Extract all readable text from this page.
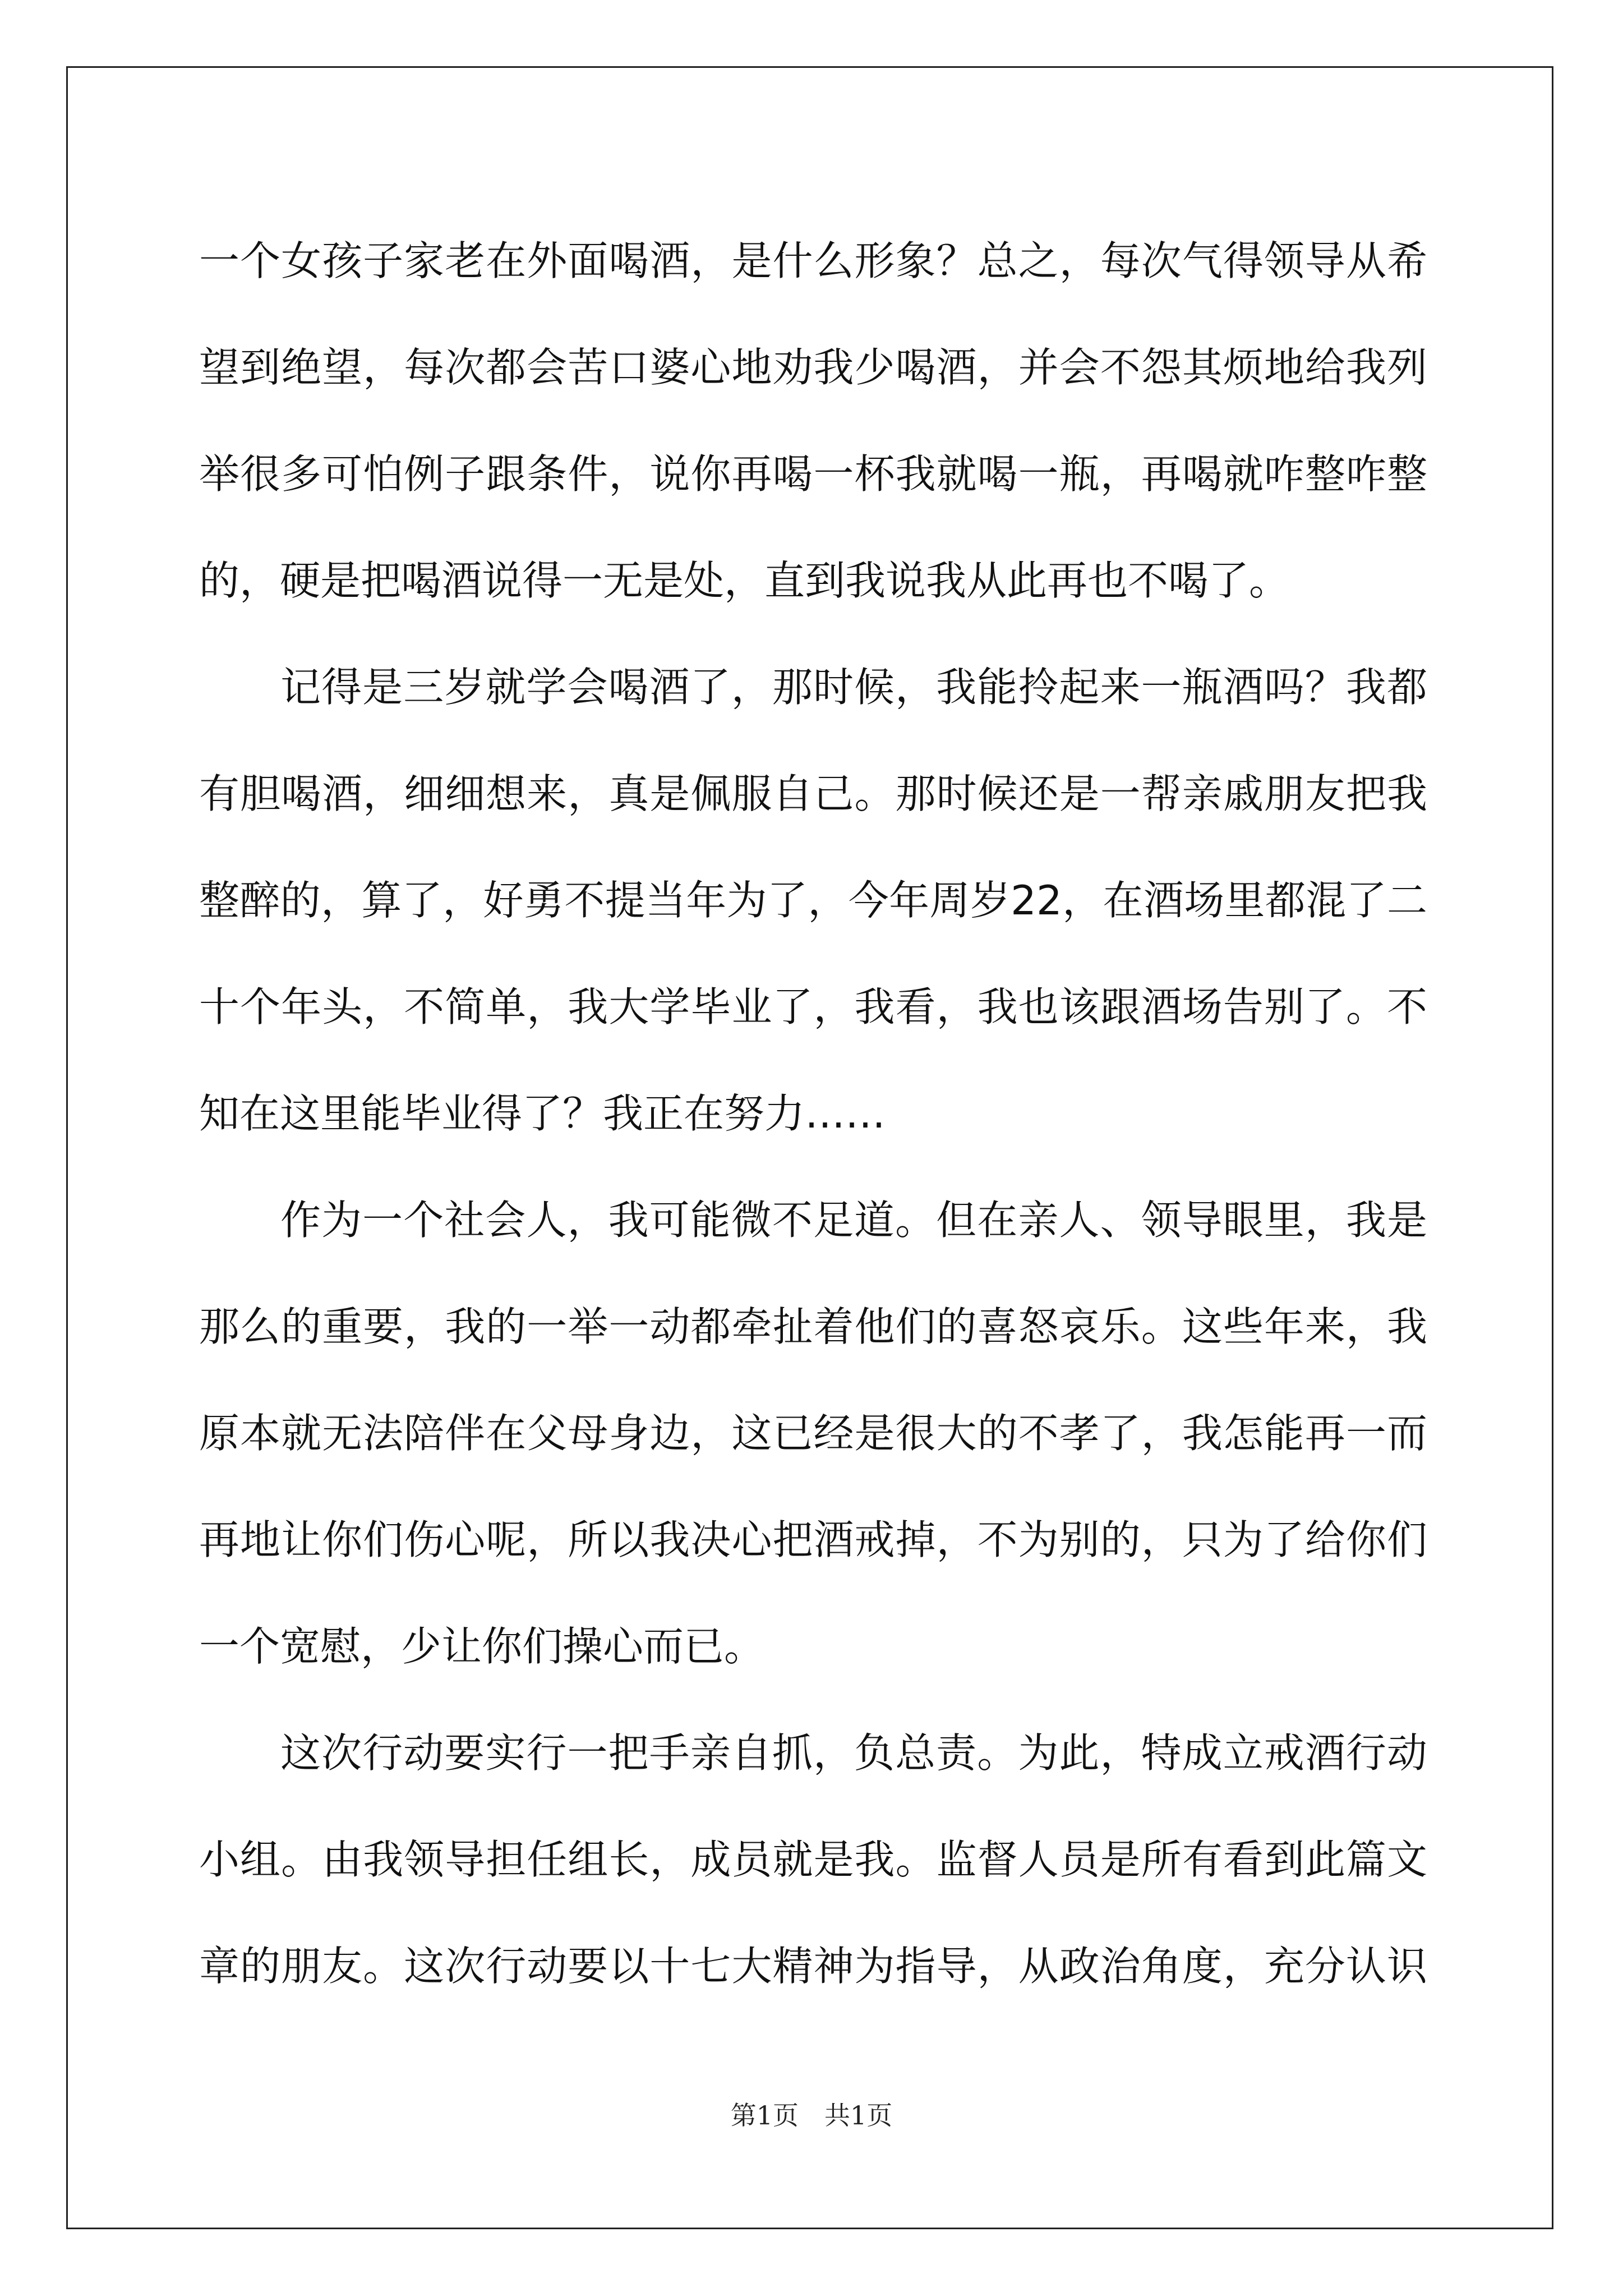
一个女孩子家老在外面喝酒，是什么形象？总之，每次气得领导从希
望到绝望，每次都会苦口婆心地劝我少喝酒，并会不怨其烦地给我列
举很多可怕例子跟条件，说你再喝一杯我就喝一瓶，再喝就咋整咋整
的，硬是把喝酒说得一无是处，直到我说我从此再也不喝了。
记得是三岁就学会喝酒了，那时候，我能拎起来一瓶酒吗？我都
有胆喝酒，细细想来，真是佩服自己。那时候还是一帮亲戚朋友把我
整醉的，算了，好勇不提当年为了，今年周岁22，在酒场里都混了二
十个年头，不简单，我大学毕业了，我看，我也该跟酒场告别了。不
知在这里能毕业得了？我正在努力……
作为一个社会人，我可能微不足道。但在亲人、领导眼里，我是
那么的重要，我的一举一动都牵扯着他们的喜怒哀乐。这些年来，我
原本就无法陪伴在父母身边，这已经是很大的不孝了，我怎能再一而
再地让你们伤心呢，所以我决心把酒戒掉，不为别的，只为了给你们
一个宽慰，少让你们操心而已。
这次行动要实行一把手亲自抓，负总责。为此，特成立戒酒行动
小组。由我领导担任组长，成员就是我。监督人员是所有看到此篇文
章的朋友。这次行动要以十七大精神为指导，从政治角度，充分认识
第1页　共1页
